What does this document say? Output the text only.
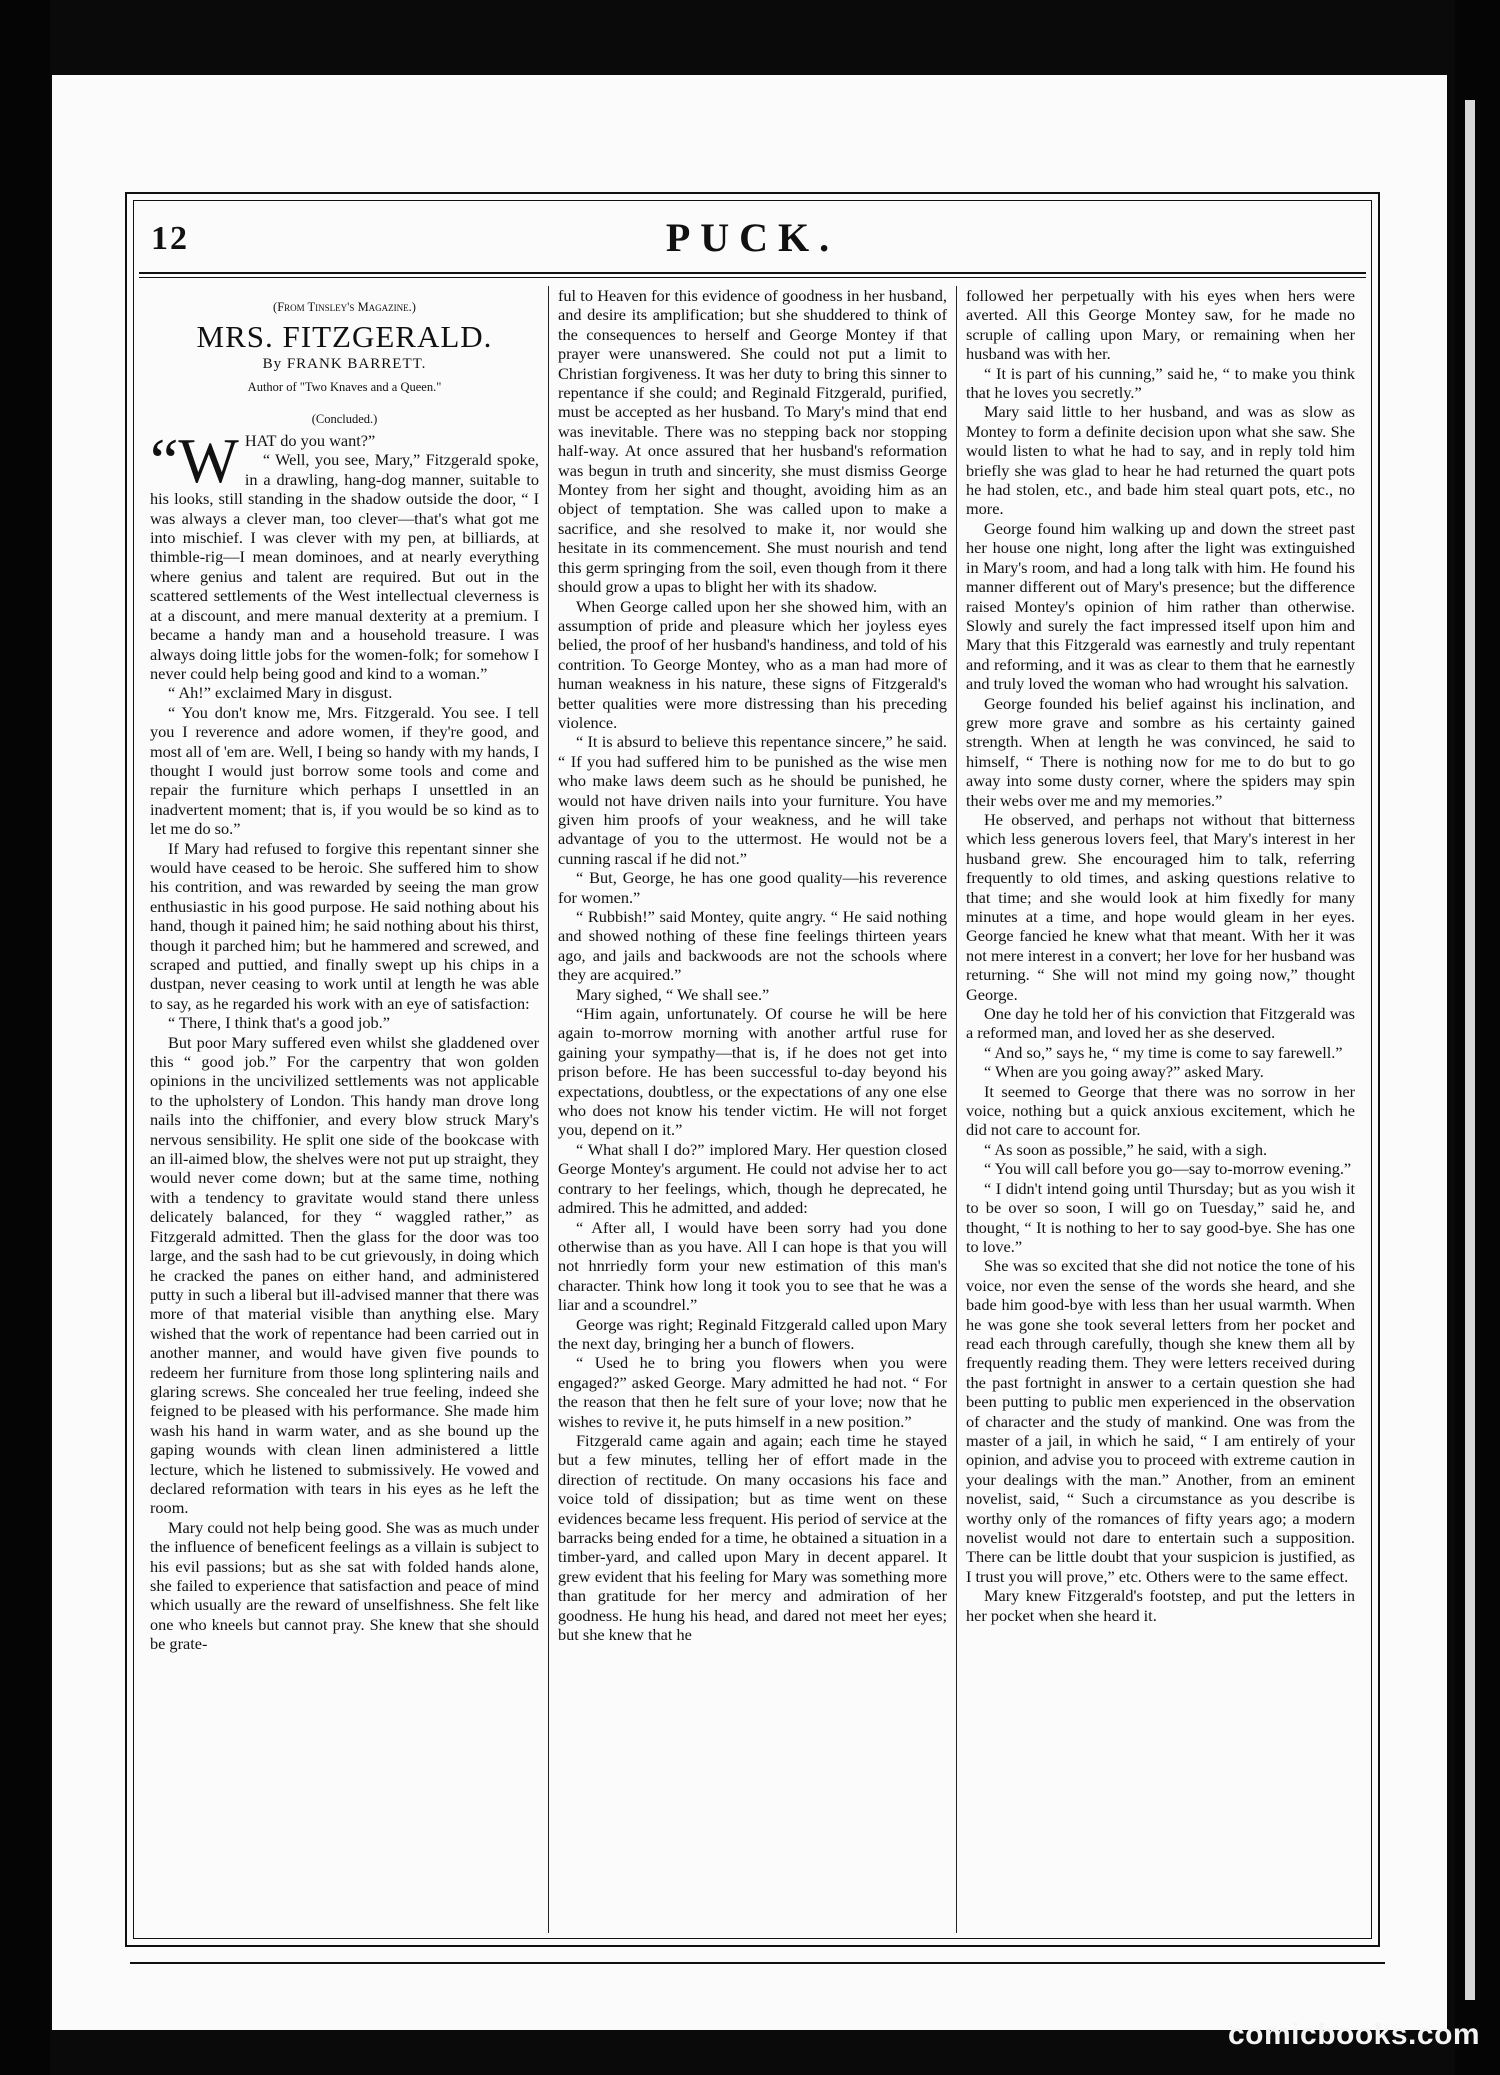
12	PUCK.
(From Tinsley's Magazine.)
MRS. FITZGERALD.
By FRANK BARRETT.
Author of "Two Knaves and a Queen."
(Concluded.)

“WHAT do you want?”

“ Well, you see, Mary,” Fitzgerald spoke, in a drawling, hang-dog manner, suitable to his looks, still standing in the shadow outside the door, “ I was always a clever man, too clever—that's what got me into mischief. I was clever with my pen, at billiards, at thimble-rig—I mean dominoes, and at nearly everything where genius and talent are required. But out in the scattered settlements of the West intellectual cleverness is at a discount, and mere manual dexterity at a premium. I became a handy man and a household treasure. I was always doing little jobs for the women-folk; for somehow I never could help being good and kind to a woman.”

“ Ah!” exclaimed Mary in disgust.

“ You don't know me, Mrs. Fitzgerald. You see. I tell you I reverence and adore women, if they're good, and most all of 'em are. Well, I being so handy with my hands, I thought I would just borrow some tools and come and repair the furniture which perhaps I unsettled in an inadvertent moment; that is, if you would be so kind as to let me do so.”

If Mary had refused to forgive this repentant sinner she would have ceased to be heroic. She suffered him to show his contrition, and was rewarded by seeing the man grow enthusiastic in his good purpose. He said nothing about his hand, though it pained him; he said nothing about his thirst, though it parched him; but he hammered and screwed, and scraped and puttied, and finally swept up his chips in a dustpan, never ceasing to work until at length he was able to say, as he regarded his work with an eye of satisfaction:

“ There, I think that's a good job.”

But poor Mary suffered even whilst she gladdened over this “ good job.” For the carpentry that won golden opinions in the uncivilized settlements was not applicable to the upholstery of London. This handy man drove long nails into the chiffonier, and every blow struck Mary's nervous sensibility. He split one side of the bookcase with an ill-aimed blow, the shelves were not put up straight, they would never come down; but at the same time, nothing with a tendency to gravitate would stand there unless delicately balanced, for they “ waggled rather,” as Fitzgerald admitted. Then the glass for the door was too large, and the sash had to be cut grievously, in doing which he cracked the panes on either hand, and administered putty in such a liberal but ill-advised manner that there was more of that material visible than anything else. Mary wished that the work of repentance had been carried out in another manner, and would have given five pounds to redeem her furniture from those long splintering nails and glaring screws. She concealed her true feeling, indeed she feigned to be pleased with his performance. She made him wash his hand in warm water, and as she bound up the gaping wounds with clean linen administered a little lecture, which he listened to submissively. He vowed and declared reformation with tears in his eyes as he left the room.

Mary could not help being good. She was as much under the influence of beneficent feelings as a villain is subject to his evil passions; but as she sat with folded hands alone, she failed to experience that satisfaction and peace of mind which usually are the reward of unselfishness. She felt like one who kneels but cannot pray. She knew that she should be grate-

ful to Heaven for this evidence of goodness in her husband, and desire its amplification; but she shuddered to think of the consequences to herself and George Montey if that prayer were unanswered. She could not put a limit to Christian forgiveness. It was her duty to bring this sinner to repentance if she could; and Reginald Fitzgerald, purified, must be accepted as her husband. To Mary's mind that end was inevitable. There was no stepping back nor stopping half-way. At once assured that her husband's reformation was begun in truth and sincerity, she must dismiss George Montey from her sight and thought, avoiding him as an object of temptation. She was called upon to make a sacrifice, and she resolved to make it, nor would she hesitate in its commencement. She must nourish and tend this germ springing from the soil, even though from it there should grow a upas to blight her with its shadow.

When George called upon her she showed him, with an assumption of pride and pleasure which her joyless eyes belied, the proof of her husband's handiness, and told of his contrition. To George Montey, who as a man had more of human weakness in his nature, these signs of Fitzgerald's better qualities were more distressing than his preceding violence.

“ It is absurd to believe this repentance sincere,” he said. “ If you had suffered him to be punished as the wise men who make laws deem such as he should be punished, he would not have driven nails into your furniture. You have given him proofs of your weakness, and he will take advantage of you to the uttermost. He would not be a cunning rascal if he did not.”

“ But, George, he has one good quality—his reverence for women.”

“ Rubbish!” said Montey, quite angry. “ He said nothing and showed nothing of these fine feelings thirteen years ago, and jails and backwoods are not the schools where they are acquired.”

Mary sighed, “ We shall see.”

“Him again, unfortunately. Of course he will be here again to-morrow morning with another artful ruse for gaining your sympathy—that is, if he does not get into prison before. He has been successful to-day beyond his expectations, doubtless, or the expectations of any one else who does not know his tender victim. He will not forget you, depend on it.”

“ What shall I do?” implored Mary. Her question closed George Montey's argument. He could not advise her to act contrary to her feelings, which, though he deprecated, he admired. This he admitted, and added:

“ After all, I would have been sorry had you done otherwise than as you have. All I can hope is that you will not hnrriedly form your new estimation of this man's character. Think how long it took you to see that he was a liar and a scoundrel.”

George was right; Reginald Fitzgerald called upon Mary the next day, bringing her a bunch of flowers.

“ Used he to bring you flowers when you were engaged?” asked George. Mary admitted he had not. “ For the reason that then he felt sure of your love; now that he wishes to revive it, he puts himself in a new position.”

Fitzgerald came again and again; each time he stayed but a few minutes, telling her of effort made in the direction of rectitude. On many occasions his face and voice told of dissipation; but as time went on these evidences became less frequent. His period of service at the barracks being ended for a time, he obtained a situation in a timber-yard, and called upon Mary in decent apparel. It grew evident that his feeling for Mary was something more than gratitude for her mercy and admiration of her goodness. He hung his head, and dared not meet her eyes; but she knew that he

followed her perpetually with his eyes when hers were averted. All this George Montey saw, for he made no scruple of calling upon Mary, or remaining when her husband was with her.

“ It is part of his cunning,” said he, “ to make you think that he loves you secretly.”

Mary said little to her husband, and was as slow as Montey to form a definite decision upon what she saw. She would listen to what he had to say, and in reply told him briefly she was glad to hear he had returned the quart pots he had stolen, etc., and bade him steal quart pots, etc., no more.

George found him walking up and down the street past her house one night, long after the light was extinguished in Mary's room, and had a long talk with him. He found his manner different out of Mary's presence; but the difference raised Montey's opinion of him rather than otherwise. Slowly and surely the fact impressed itself upon him and Mary that this Fitzgerald was earnestly and truly repentant and reforming, and it was as clear to them that he earnestly and truly loved the woman who had wrought his salvation.

George founded his belief against his inclination, and grew more grave and sombre as his certainty gained strength. When at length he was convinced, he said to himself, “ There is nothing now for me to do but to go away into some dusty corner, where the spiders may spin their webs over me and my memories.”

He observed, and perhaps not without that bitterness which less generous lovers feel, that Mary's interest in her husband grew. She encouraged him to talk, referring frequently to old times, and asking questions relative to that time; and she would look at him fixedly for many minutes at a time, and hope would gleam in her eyes. George fancied he knew what that meant. With her it was not mere interest in a convert; her love for her husband was returning. “ She will not mind my going now,” thought George.

One day he told her of his conviction that Fitzgerald was a reformed man, and loved her as she deserved.

“ And so,” says he, “ my time is come to say farewell.”

“ When are you going away?” asked Mary.

It seemed to George that there was no sorrow in her voice, nothing but a quick anxious excitement, which he did not care to account for.

“ As soon as possible,” he said, with a sigh.

“ You will call before you go—say to-morrow evening.”

“ I didn't intend going until Thursday; but as you wish it to be over so soon, I will go on Tuesday,” said he, and thought, “ It is nothing to her to say good-bye. She has one to love.”

She was so excited that she did not notice the tone of his voice, nor even the sense of the words she heard, and she bade him good-bye with less than her usual warmth. When he was gone she took several letters from her pocket and read each through carefully, though she knew them all by frequently reading them. They were letters received during the past fortnight in answer to a certain question she had been putting to public men experienced in the observation of character and the study of mankind. One was from the master of a jail, in which he said, “ I am entirely of your opinion, and advise you to proceed with extreme caution in your dealings with the man.” Another, from an eminent novelist, said, “ Such a circumstance as you describe is worthy only of the romances of fifty years ago; a modern novelist would not dare to entertain such a supposition. There can be little doubt that your suspicion is justified, as I trust you will prove,” etc. Others were to the same effect.

Mary knew Fitzgerald's footstep, and put the letters in her pocket when she heard it.

comicbooks.com
